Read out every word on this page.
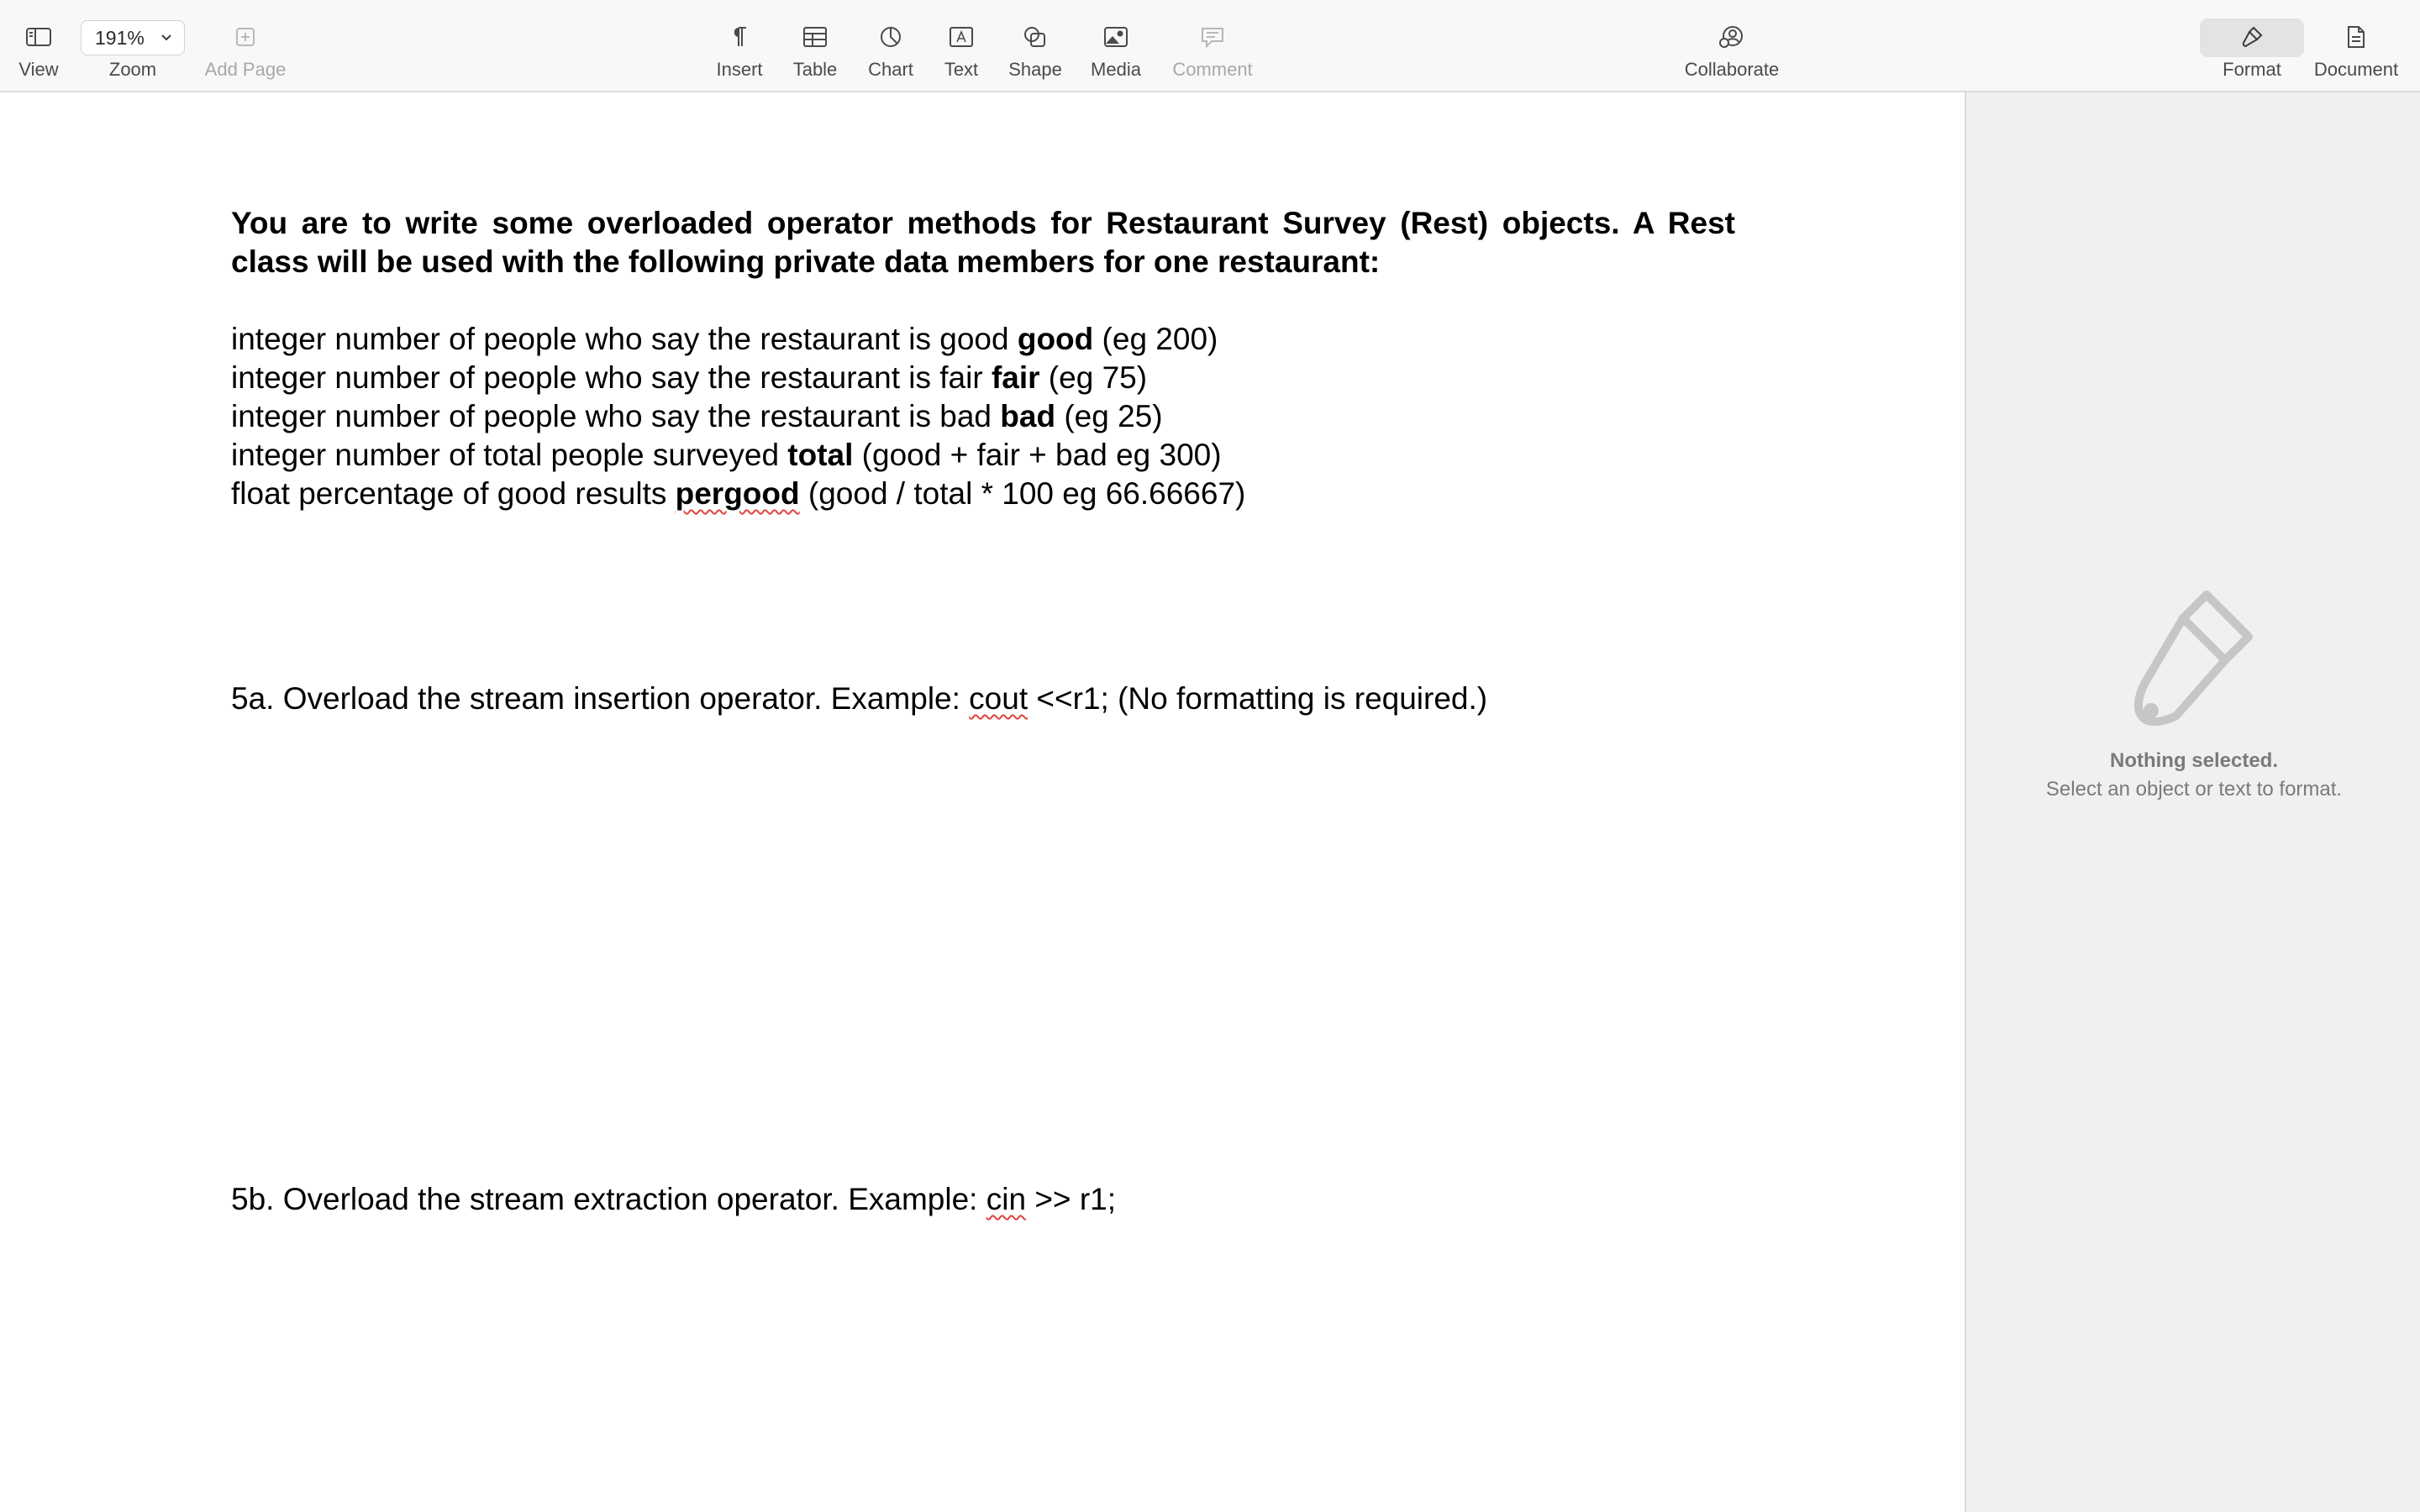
View
191%
Zoom	Add Page	Insert Table Chart Text Shape Media Comment	Collaborate	Format Document
You are to write some overloaded operator methods for Restaurant Survey (Rest) objects. A Rest class will be used with the following private data members for one restaurant:
integer number of people who say the restaurant is good good (eg 200)
integer number of people who say the restaurant is fair fair (eg 75)
integer number of people who say the restaurant is bad bad (eg 25)
integer number of total people surveyed total (good + fair + bad eg 300)
float percentage of good results pergood (good / total * 100 eg 66.66667)
5a. Overload the stream insertion operator. Example: cout <<r1; (No formatting is required.)
5b. Overload the stream extraction operator. Example: cin >> r1;
Nothing selected.
Select an object or text to format.
